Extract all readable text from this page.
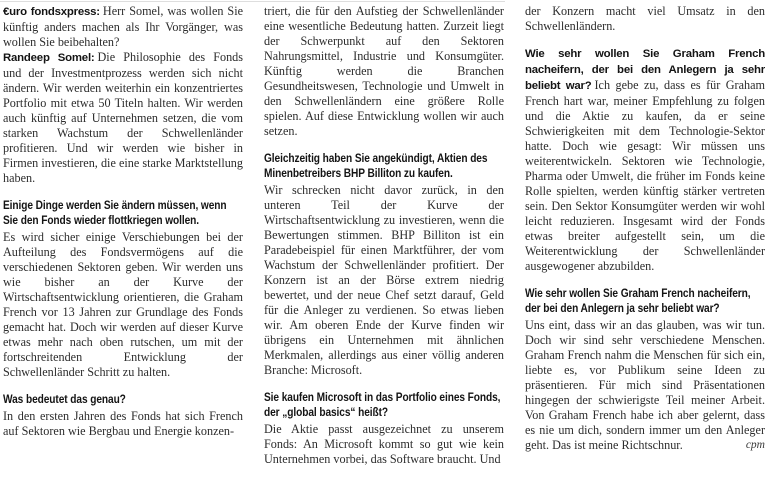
€uro fondsxpress: Herr Somel, was wollen Sie künftig anders machen als Ihr Vorgänger, was wollen Sie beibehalten?

Randeep Somel: Die Philosophie des Fonds und der Investmentprozess werden sich nicht ändern. Wir werden weiterhin ein konzentriertes Portfolio mit etwa 50 Titeln halten. Wir werden auch künftig auf Unternehmen setzen, die vom starken Wachstum der Schwellenländer profitieren. Und wir werden wie bisher in Firmen investieren, die eine starke Marktstellung haben.

Einige Dinge werden Sie ändern müssen, wenn Sie den Fonds wieder flottkriegen wollen.

Es wird sicher einige Verschiebungen bei der Aufteilung des Fondsvermögens auf die verschiedenen Sektoren geben. Wir werden uns wie bisher an der Kurve der Wirtschaftsentwicklung orientieren, die Graham French vor 13 Jahren zur Grundlage des Fonds gemacht hat. Doch wir werden auf dieser Kurve etwas mehr nach oben rutschen, um mit der fortschreitenden Entwicklung der Schwellenländer Schritt zu halten.

Was bedeutet das genau?

In den ersten Jahren des Fonds hat sich French auf Sektoren wie Bergbau und Energie konzen-

triert, die für den Aufstieg der Schwellenländer eine wesentliche Bedeutung hatten. Zurzeit liegt der Schwerpunkt auf den Sektoren Nahrungsmittel, Industrie und Konsumgüter. Künftig werden die Branchen Gesundheitswesen, Technologie und Umwelt in den Schwellenländern eine größere Rolle spielen. Auf diese Entwicklung wollen wir auch setzen.

Gleichzeitig haben Sie angekündigt, Aktien des Minenbetreibers BHP Billiton zu kaufen.

Wir schrecken nicht davor zurück, in den unteren Teil der Kurve der Wirtschaftsentwicklung zu investieren, wenn die Bewertungen stimmen. BHP Billiton ist ein Paradebeispiel für einen Marktführer, der vom Wachstum der Schwellenländer profitiert. Der Konzern ist an der Börse extrem niedrig bewertet, und der neue Chef setzt darauf, Geld für die Anleger zu verdienen. So etwas lieben wir. Am oberen Ende der Kurve finden wir übrigens ein Unternehmen mit ähnlichen Merkmalen, allerdings aus einer völlig anderen Branche: Microsoft.

Sie kaufen Microsoft in das Portfolio eines Fonds, der „global basics“ heißt?

Die Aktie passt ausgezeichnet zu unserem Fonds: An Microsoft kommt so gut wie kein Unternehmen vorbei, das Software braucht. Und

der Konzern macht viel Umsatz in den Schwellenländern.

Wie sehr wollen Sie Graham French nacheifern, der bei den Anlegern ja sehr beliebt war? Ich gebe zu, dass es für Graham French hart war, meiner Empfehlung zu folgen und die Aktie zu kaufen, da er seine Schwierigkeiten mit dem Technologie-Sektor hatte. Doch wie gesagt: Wir müssen uns weiterentwickeln. Sektoren wie Technologie, Pharma oder Umwelt, die früher im Fonds keine Rolle spielten, werden künftig stärker vertreten sein. Den Sektor Konsumgüter werden wir wohl leicht reduzieren. Insgesamt wird der Fonds etwas breiter aufgestellt sein, um die Weiterentwicklung der Schwellenländer ausgewogener abzubilden.

Wie sehr wollen Sie Graham French nacheifern, der bei den Anlegern ja sehr beliebt war?

Uns eint, dass wir an das glauben, was wir tun. Doch wir sind sehr verschiedene Menschen. Graham French nahm die Menschen für sich ein, liebte es, vor Publikum seine Ideen zu präsentieren. Für mich sind Präsentationen hingegen der schwierigste Teil meiner Arbeit. Von Graham French habe ich aber gelernt, dass es nie um dich, sondern immer um den Anleger geht. Das ist meine Richtschnur.	cpm
